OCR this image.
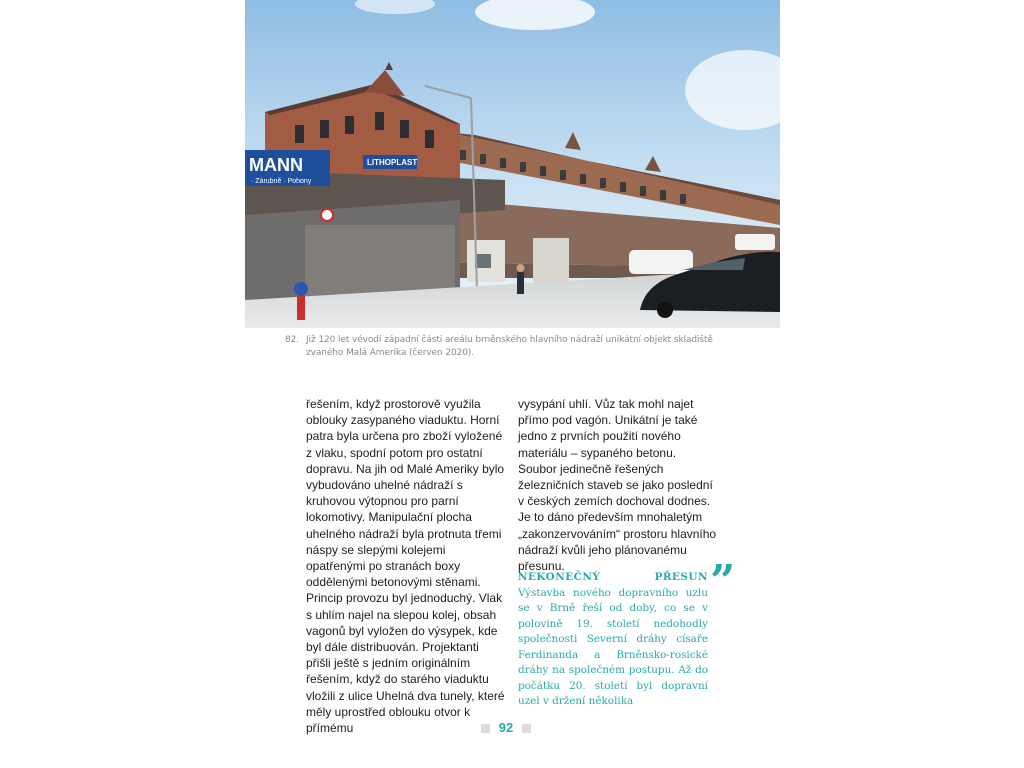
MANN
· Zárubně · Pohony
LITHOPLAST
82. Již 120 let vévodí západní části areálu brněnského hlavního nádraží unikátní objekt skladiště zvaného Malá Amerika (červen 2020).

řešením, když prostorově využila oblouky zasypaného viaduktu. Horní patra byla určena pro zboží vyložené z vlaku, spodní potom pro ostatní dopravu. Na jih od Malé Ameriky bylo vybudováno uhelné nádraží s kruhovou výtopnou pro parní lokomotivy. Manipulační plocha uhelného nádraží byla protnuta třemi náspy se slepými kolejemi opatřenými po stranách boxy oddělenými betonovými stěnami. Princip provozu byl jednoduchý. Vlak s uhlím najel na slepou kolej, obsah vagonů byl vyložen do výsypek, kde byl dále distribuován. Projektanti přišli ještě s jedním originálním řešením, když do starého viaduktu vložili z ulice Uhelná dva tunely, které měly uprostřed oblouku otvor k přímému

vysypání uhlí. Vůz tak mohl najet přímo pod vagón. Unikátní je také jedno z prvních použití nového materiálu – sypaného betonu. Soubor jedinečně řešených železničních staveb se jako poslední v českých zemích dochoval dodnes. Je to dáno především mnohaletým „zakonzervováním“ prostoru hlavního nádraží kvůli jeho plánovanému přesunu.

NEKONEČNÝ PŘESUN Výstavba nového dopravního uzlu se v Brně řeší od doby, co se v polovině 19. století nedohodly společnosti Severní dráhy císaře Ferdinanda a Brněnsko-rosické dráhy na společném postupu. Až do počátku 20. století byl dopravní uzel v držení několika
”
92
